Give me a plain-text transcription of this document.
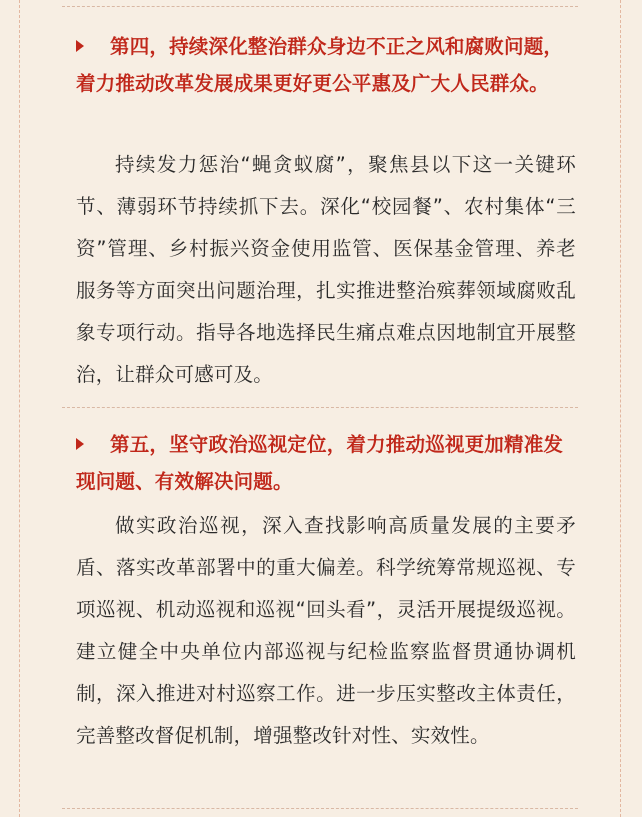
第四，持续深化整治群众身边不正之风和腐败问题，着力推动改革发展成果更好更公平惠及广大人民群众。
持续发力惩治“蝇贪蚁腐”，聚焦县以下这一关键环节、薄弱环节持续抓下去。深化“校园餐”、农村集体“三资”管理、乡村振兴资金使用监管、医保基金管理、养老服务等方面突出问题治理，扎实推进整治殡葬领域腐败乱象专项行动。指导各地选择民生痛点难点因地制宜开展整治，让群众可感可及。
第五，坚守政治巡视定位，着力推动巡视更加精准发现问题、有效解决问题。
做实政治巡视，深入查找影响高质量发展的主要矛盾、落实改革部署中的重大偏差。科学统筹常规巡视、专项巡视、机动巡视和巡视“回头看”，灵活开展提级巡视。建立健全中央单位内部巡视与纪检监察监督贯通协调机制，深入推进对村巡察工作。进一步压实整改主体责任，完善整改督促机制，增强整改针对性、实效性。
